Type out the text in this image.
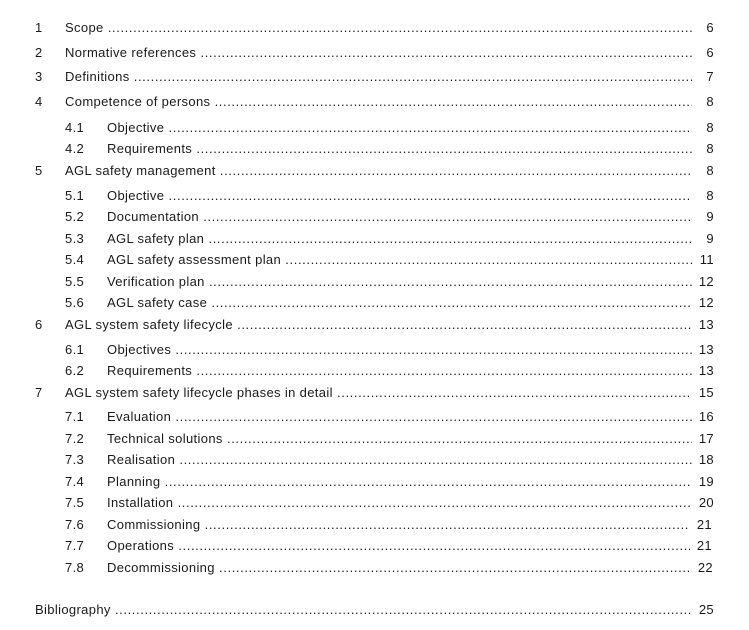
1 Scope .....	6
2 Normative references .....	6
3 Definitions .....	7
4 Competence of persons .....	8
4.1 Objective .....	8
4.2 Requirements .....	8
5 AGL safety management .....	8
5.1 Objective .....	8
5.2 Documentation .....	9
5.3 AGL safety plan .....	9
5.4 AGL safety assessment plan .....	11
5.5 Verification plan .....	12
5.6 AGL safety case .....	12
6 AGL system safety lifecycle .....	13
6.1 Objectives .....	13
6.2 Requirements .....	13
7 AGL system safety lifecycle phases in detail .....	15
7.1 Evaluation .....	16
7.2 Technical solutions .....	17
7.3 Realisation .....	18
7.4 Planning .....	19
7.5 Installation .....	20
7.6 Commissioning .....	21
7.7 Operations .....	21
7.8 Decommissioning .....	22
Bibliography .....	25
